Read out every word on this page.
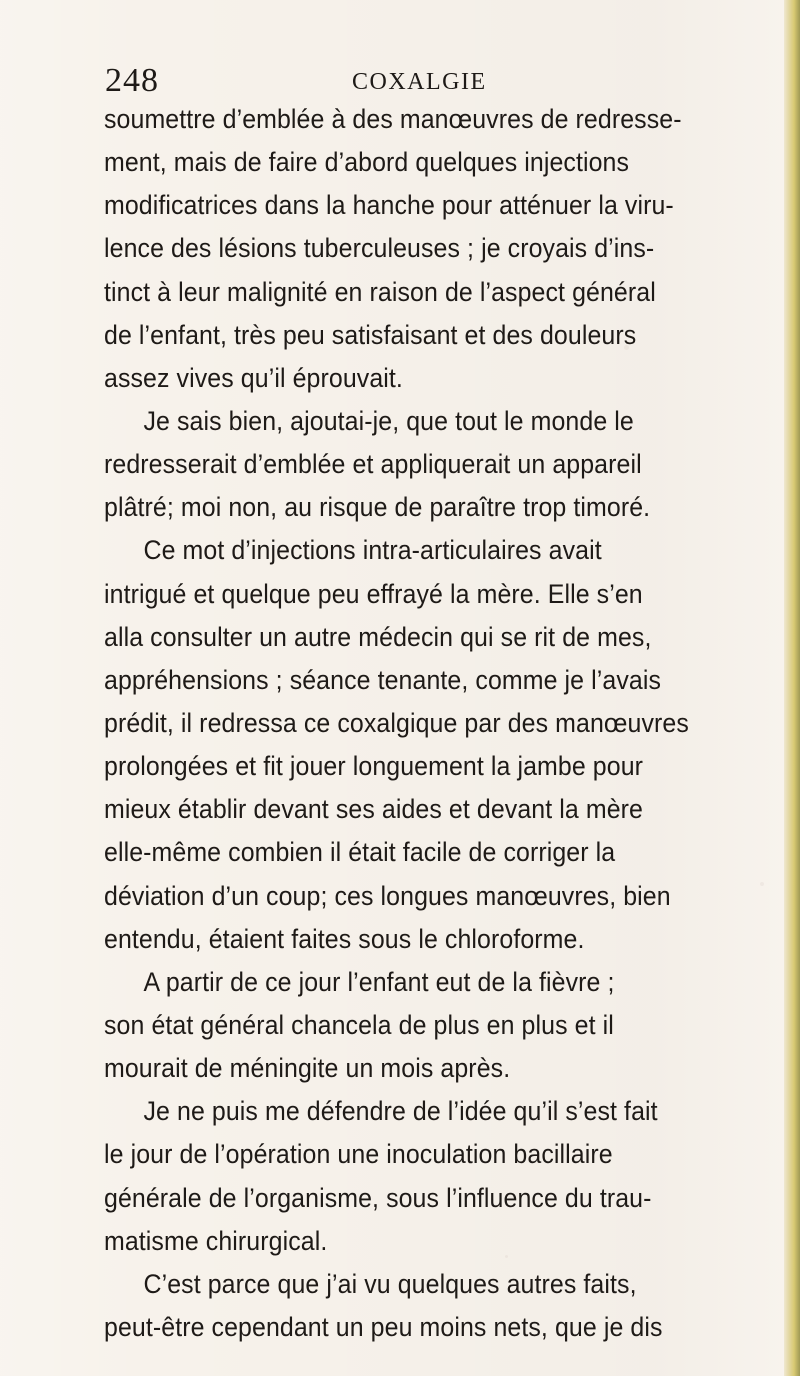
248	COXALGIE
soumettre d’emblée à des manœuvres de redresse-
ment, mais de faire d’abord quelques injections
modificatrices dans la hanche pour atténuer la viru-
lence des lésions tuberculeuses ; je croyais d’ins-
tinct à leur malignité en raison de l’aspect général
de l’enfant, très peu satisfaisant et des douleurs
assez vives qu’il éprouvait.
Je sais bien, ajoutai-je, que tout le monde le
redresserait d’emblée et appliquerait un appareil
plâtré; moi non, au risque de paraître trop timoré.
Ce mot d’injections intra-articulaires avait
intrigué et quelque peu effrayé la mère. Elle s’en
alla consulter un autre médecin qui se rit de mes,
appréhensions ; séance tenante, comme je l’avais
prédit, il redressa ce coxalgique par des manœuvres
prolongées et fit jouer longuement la jambe pour
mieux établir devant ses aides et devant la mère
elle-même combien il était facile de corriger la
déviation d’un coup; ces longues manœuvres, bien
entendu, étaient faites sous le chloroforme.
A partir de ce jour l’enfant eut de la fièvre ;
son état général chancela de plus en plus et il
mourait de méningite un mois après.
Je ne puis me défendre de l’idée qu’il s’est fait
le jour de l’opération une inoculation bacillaire
générale de l’organisme, sous l’influence du trau-
matisme chirurgical.
C’est parce que j’ai vu quelques autres faits,
peut-être cependant un peu moins nets, que je dis
